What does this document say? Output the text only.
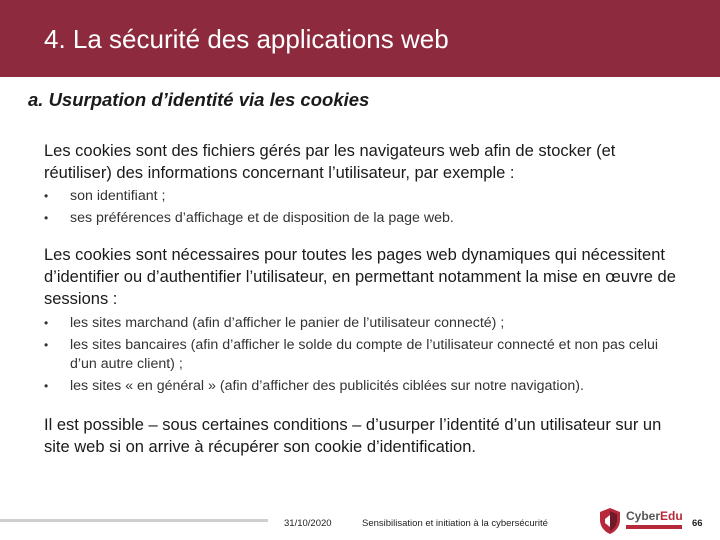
4. La sécurité des applications web
a. Usurpation d’identité via les cookies
Les cookies sont des fichiers gérés par les navigateurs web afin de stocker (et réutiliser) des informations concernant l’utilisateur, par exemple :
• son identifiant ;
• ses préférences d’affichage et de disposition de la page web.
Les cookies sont nécessaires pour toutes les pages web dynamiques qui nécessitent d’identifier ou d’authentifier l’utilisateur, en permettant notamment la mise en œuvre de sessions :
• les sites marchand (afin d’afficher le panier de l’utilisateur connecté) ;
• les sites bancaires (afin d’afficher le solde du compte de l’utilisateur connecté et non pas celui d’un autre client) ;
• les sites « en général » (afin d’afficher des publicités ciblées sur notre navigation).
Il est possible – sous certaines conditions – d’usurper l’identité d’un utilisateur sur un site web si on arrive à récupérer son cookie d’identification.
31/10/2020	Sensibilisation et initiation à la cybersécurité
CyberEdu
66
